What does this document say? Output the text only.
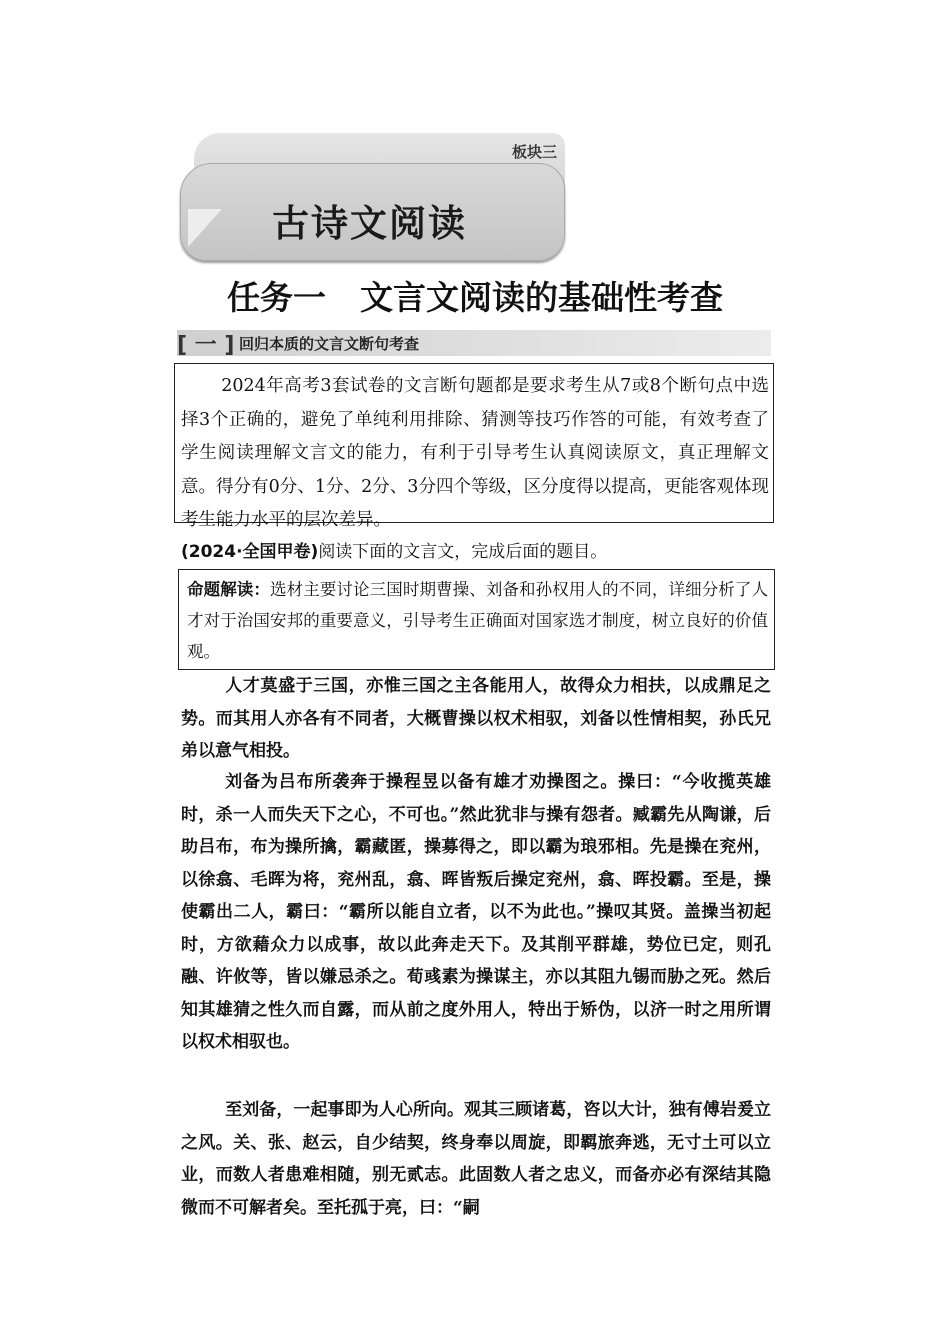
板块三
古诗文阅读
任务一 文言文阅读的基础性考查
[ 一 ] 回归本质的文言文断句考查

2024年高考3套试卷的文言断句题都是要求考生从7或8个断句点中选择3个正确的，避免了单纯利用排除、猜测等技巧作答的可能，有效考查了学生阅读理解文言文的能力，有利于引导考生认真阅读原文，真正理解文意。得分有0分、1分、2分、3分四个等级，区分度得以提高，更能客观体现考生能力水平的层次差异。

(2024·全国甲卷)阅读下面的文言文，完成后面的题目。

命题解读：选材主要讨论三国时期曹操、刘备和孙权用人的不同，详细分析了人才对于治国安邦的重要意义，引导考生正确面对国家选才制度，树立良好的价值观。

人才莫盛于三国，亦惟三国之主各能用人，故得众力相扶，以成鼎足之势。而其用人亦各有不同者，大概曹操以权术相驭，刘备以性情相契，孙氏兄弟以意气相投。

刘备为吕布所袭奔于操程昱以备有雄才劝操图之。操曰：“今收揽英雄时，杀一人而失天下之心，不可也。”然此犹非与操有怨者。臧霸先从陶谦，后助吕布，布为操所擒，霸藏匿，操募得之，即以霸为琅邪相。先是操在兖州，以徐翕、毛晖为将，兖州乱，翕、晖皆叛后操定兖州，翕、晖投霸。至是，操使霸出二人，霸曰：“霸所以能自立者，以不为此也。”操叹其贤。盖操当初起时，方欲藉众力以成事，故以此奔走天下。及其削平群雄，势位已定，则孔融、许攸等，皆以嫌忌杀之。荀彧素为操谋主，亦以其阻九锡而胁之死。然后知其雄猜之性久而自露，而从前之度外用人，特出于矫伪，以济一时之用所谓以权术相驭也。

至刘备，一起事即为人心所向。观其三顾诸葛，咨以大计，独有傅岩爰立之风。关、张、赵云，自少结契，终身奉以周旋，即羁旅奔逃，无寸土可以立业，而数人者患难相随，别无贰志。此固数人者之忠义，而备亦必有深结其隐微而不可解者矣。至托孤于亮，曰：“嗣
